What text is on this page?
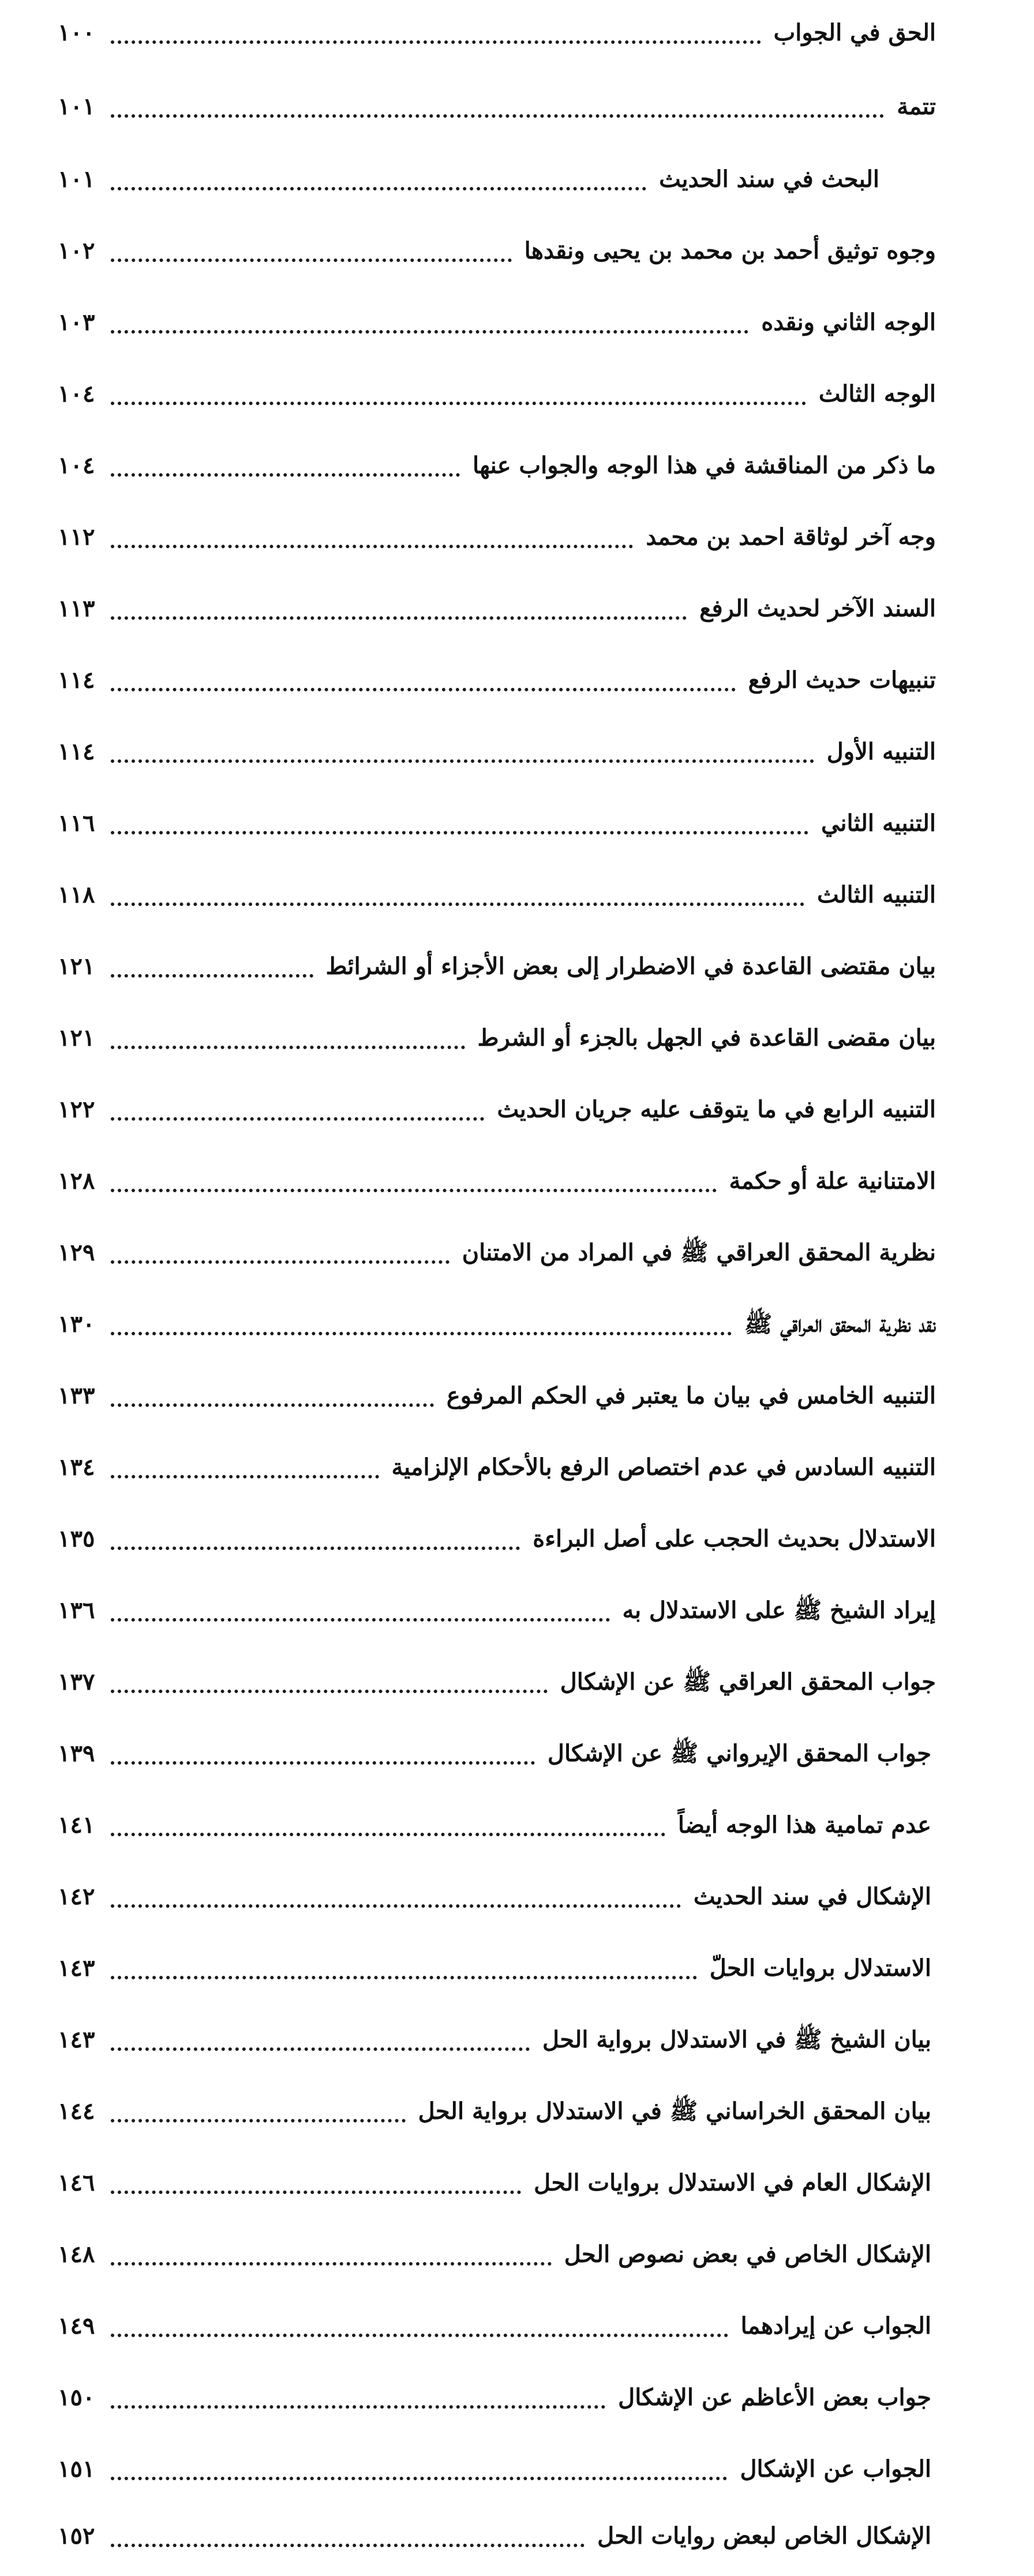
الحق في الجواب
١٠٠
تتمة
١٠١
البحث في سند الحديث
١٠١
وجوه توثيق أحمد بن محمد بن يحيى ونقدها
١٠٢
الوجه الثاني ونقده
١٠٣
الوجه الثالث
١٠٤
ما ذكر من المناقشة في هذا الوجه والجواب عنها
١٠٤
وجه آخر لوثاقة احمد بن محمد
١١٢
السند الآخر لحديث الرفع
١١٣
تنبيهات حديث الرفع
١١٤
التنبيه الأول
١١٤
التنبيه الثاني
١١٦
التنبيه الثالث
١١٨
بيان مقتضى القاعدة في الاضطرار إلى بعض الأجزاء أو الشرائط
١٢١
بيان مقضى القاعدة في الجهل بالجزء أو الشرط
١٢١
التنبيه الرابع في ما يتوقف عليه جريان الحديث
١٢٢
الامتنانية علة أو حكمة
١٢٨
نظرية المحقق العراقي ﷺ في المراد من الامتنان
١٢٩
نقد نظرية المحقق العراقي ﷺ
١٣٠
التنبيه الخامس في بيان ما يعتبر في الحكم المرفوع
١٣٣
التنبيه السادس في عدم اختصاص الرفع بالأحكام الإلزامية
١٣٤
الاستدلال بحديث الحجب على أصل البراءة
١٣٥
إيراد الشيخ ﷺ على الاستدلال به
١٣٦
جواب المحقق العراقي ﷺ عن الإشكال
١٣٧
جواب المحقق الإيرواني ﷺ عن الإشكال
١٣٩
عدم تمامية هذا الوجه أيضاً
١٤١
الإشكال في سند الحديث
١٤٢
الاستدلال بروايات الحلّ
١٤٣
بيان الشيخ ﷺ في الاستدلال برواية الحل
١٤٣
بيان المحقق الخراساني ﷺ في الاستدلال برواية الحل
١٤٤
الإشكال العام في الاستدلال بروايات الحل
١٤٦
الإشكال الخاص في بعض نصوص الحل
١٤٨
الجواب عن إيرادهما
١٤٩
جواب بعض الأعاظم عن الإشكال
١٥٠
الجواب عن الإشكال
١٥١
الإشكال الخاص لبعض روايات الحل
١٥٢
